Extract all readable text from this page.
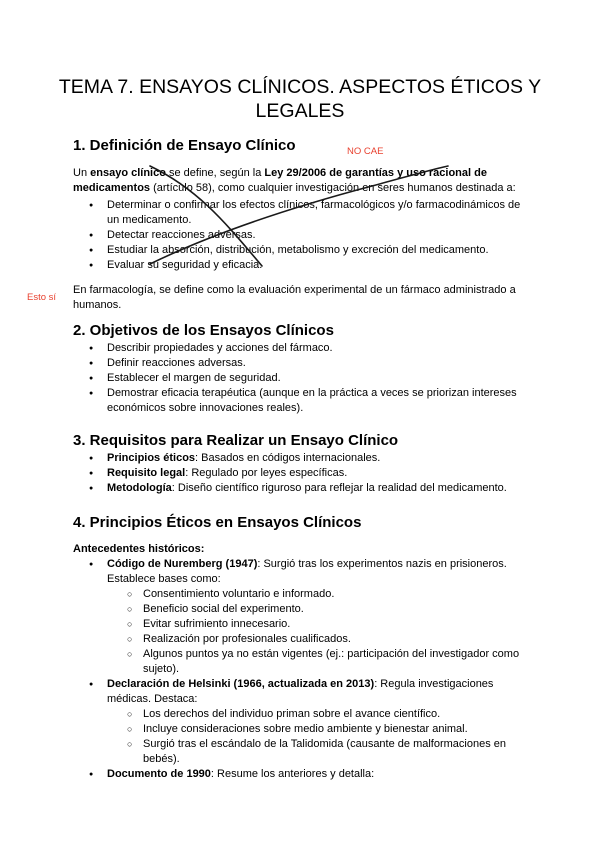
TEMA 7. ENSAYOS CLÍNICOS. ASPECTOS ÉTICOS Y LEGALES
1. Definición de Ensayo Clínico	NO CAE
Un ensayo clínico se define, según la Ley 29/2006 de garantías y uso racional de medicamentos (artículo 58), como cualquier investigación en seres humanos destinada a:
● Determinar o confirmar los efectos clínicos, farmacológicos y/o farmacodinámicos de un medicamento.
● Detectar reacciones adversas.
● Estudiar la absorción, distribución, metabolismo y excreción del medicamento.
● Evaluar su seguridad y eficacia.
Esto sí
En farmacología, se define como la evaluación experimental de un fármaco administrado a humanos.
2. Objetivos de los Ensayos Clínicos
● Describir propiedades y acciones del fármaco.
● Definir reacciones adversas.
● Establecer el margen de seguridad.
● Demostrar eficacia terapéutica (aunque en la práctica a veces se priorizan intereses económicos sobre innovaciones reales).
3. Requisitos para Realizar un Ensayo Clínico
● Principios éticos: Basados en códigos internacionales.
● Requisito legal: Regulado por leyes específicas.
● Metodología: Diseño científico riguroso para reflejar la realidad del medicamento.
4. Principios Éticos en Ensayos Clínicos
Antecedentes históricos:
● Código de Nuremberg (1947): Surgió tras los experimentos nazis en prisioneros. Establece bases como:
○ Consentimiento voluntario e informado.
○ Beneficio social del experimento.
○ Evitar sufrimiento innecesario.
○ Realización por profesionales cualificados.
○ Algunos puntos ya no están vigentes (ej.: participación del investigador como sujeto).
● Declaración de Helsinki (1966, actualizada en 2013): Regula investigaciones médicas. Destaca:
○ Los derechos del individuo priman sobre el avance científico.
○ Incluye consideraciones sobre medio ambiente y bienestar animal.
○ Surgió tras el escándalo de la Talidomida (causante de malformaciones en bebés).
● Documento de 1990: Resume los anteriores y detalla:
